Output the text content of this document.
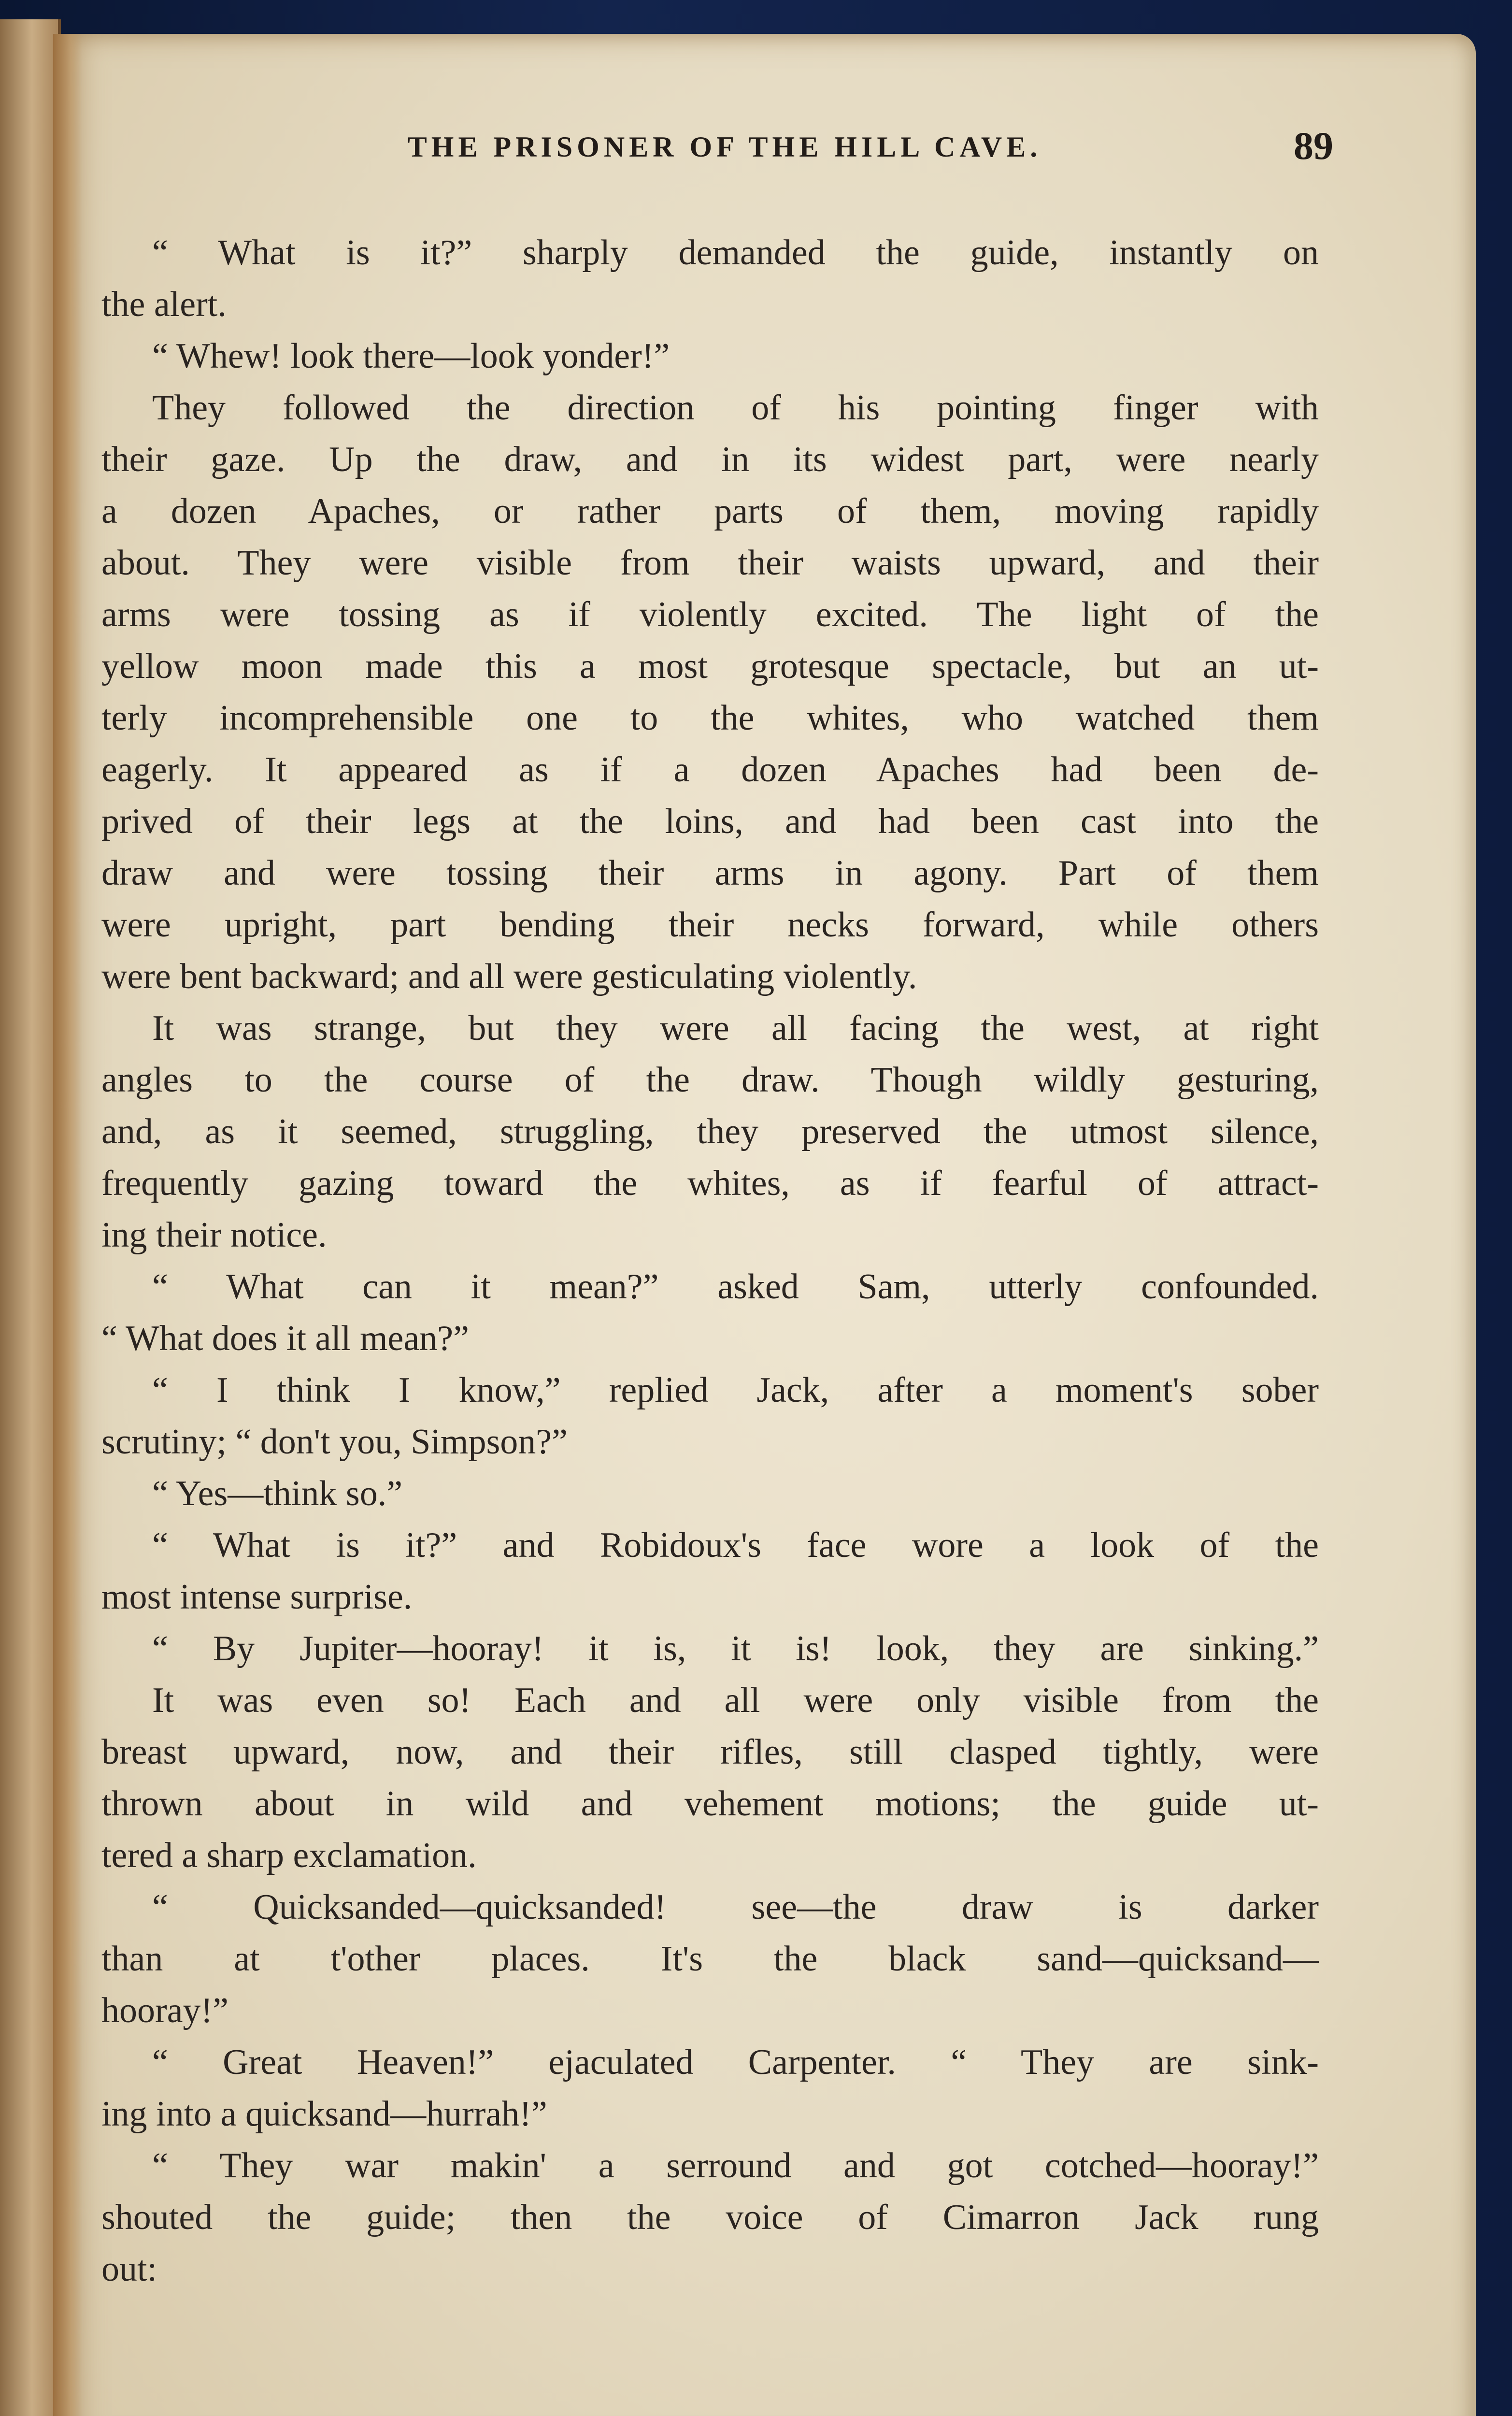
THE PRISONER OF THE HILL CAVE.	89
“ What is it?” sharply demanded the guide, instantly on
the alert.
“ Whew! look there—look yonder!”
They followed the direction of his pointing finger with
their gaze. Up the draw, and in its widest part, were nearly
a dozen Apaches, or rather parts of them, moving rapidly
about. They were visible from their waists upward, and their
arms were tossing as if violently excited. The light of the
yellow moon made this a most grotesque spectacle, but an ut-
terly incomprehensible one to the whites, who watched them
eagerly. It appeared as if a dozen Apaches had been de-
prived of their legs at the loins, and had been cast into the
draw and were tossing their arms in agony. Part of them
were upright, part bending their necks forward, while others
were bent backward; and all were gesticulating violently.
It was strange, but they were all facing the west, at right
angles to the course of the draw. Though wildly gesturing,
and, as it seemed, struggling, they preserved the utmost silence,
frequently gazing toward the whites, as if fearful of attract-
ing their notice.
“ What can it mean?” asked Sam, utterly confounded.
“ What does it all mean?”
“ I think I know,” replied Jack, after a moment's sober
scrutiny; “ don't you, Simpson?”
“ Yes—think so.”
“ What is it?” and Robidoux's face wore a look of the
most intense surprise.
“ By Jupiter—hooray! it is, it is! look, they are sinking.”
It was even so! Each and all were only visible from the
breast upward, now, and their rifles, still clasped tightly, were
thrown about in wild and vehement motions; the guide ut-
tered a sharp exclamation.
“ Quicksanded—quicksanded! see—the draw is darker
than at t'other places. It's the black sand—quicksand—
hooray!”
“ Great Heaven!” ejaculated Carpenter. “ They are sink-
ing into a quicksand—hurrah!”
“ They war makin' a serround and got cotched—hooray!”
shouted the guide; then the voice of Cimarron Jack rung
out:
